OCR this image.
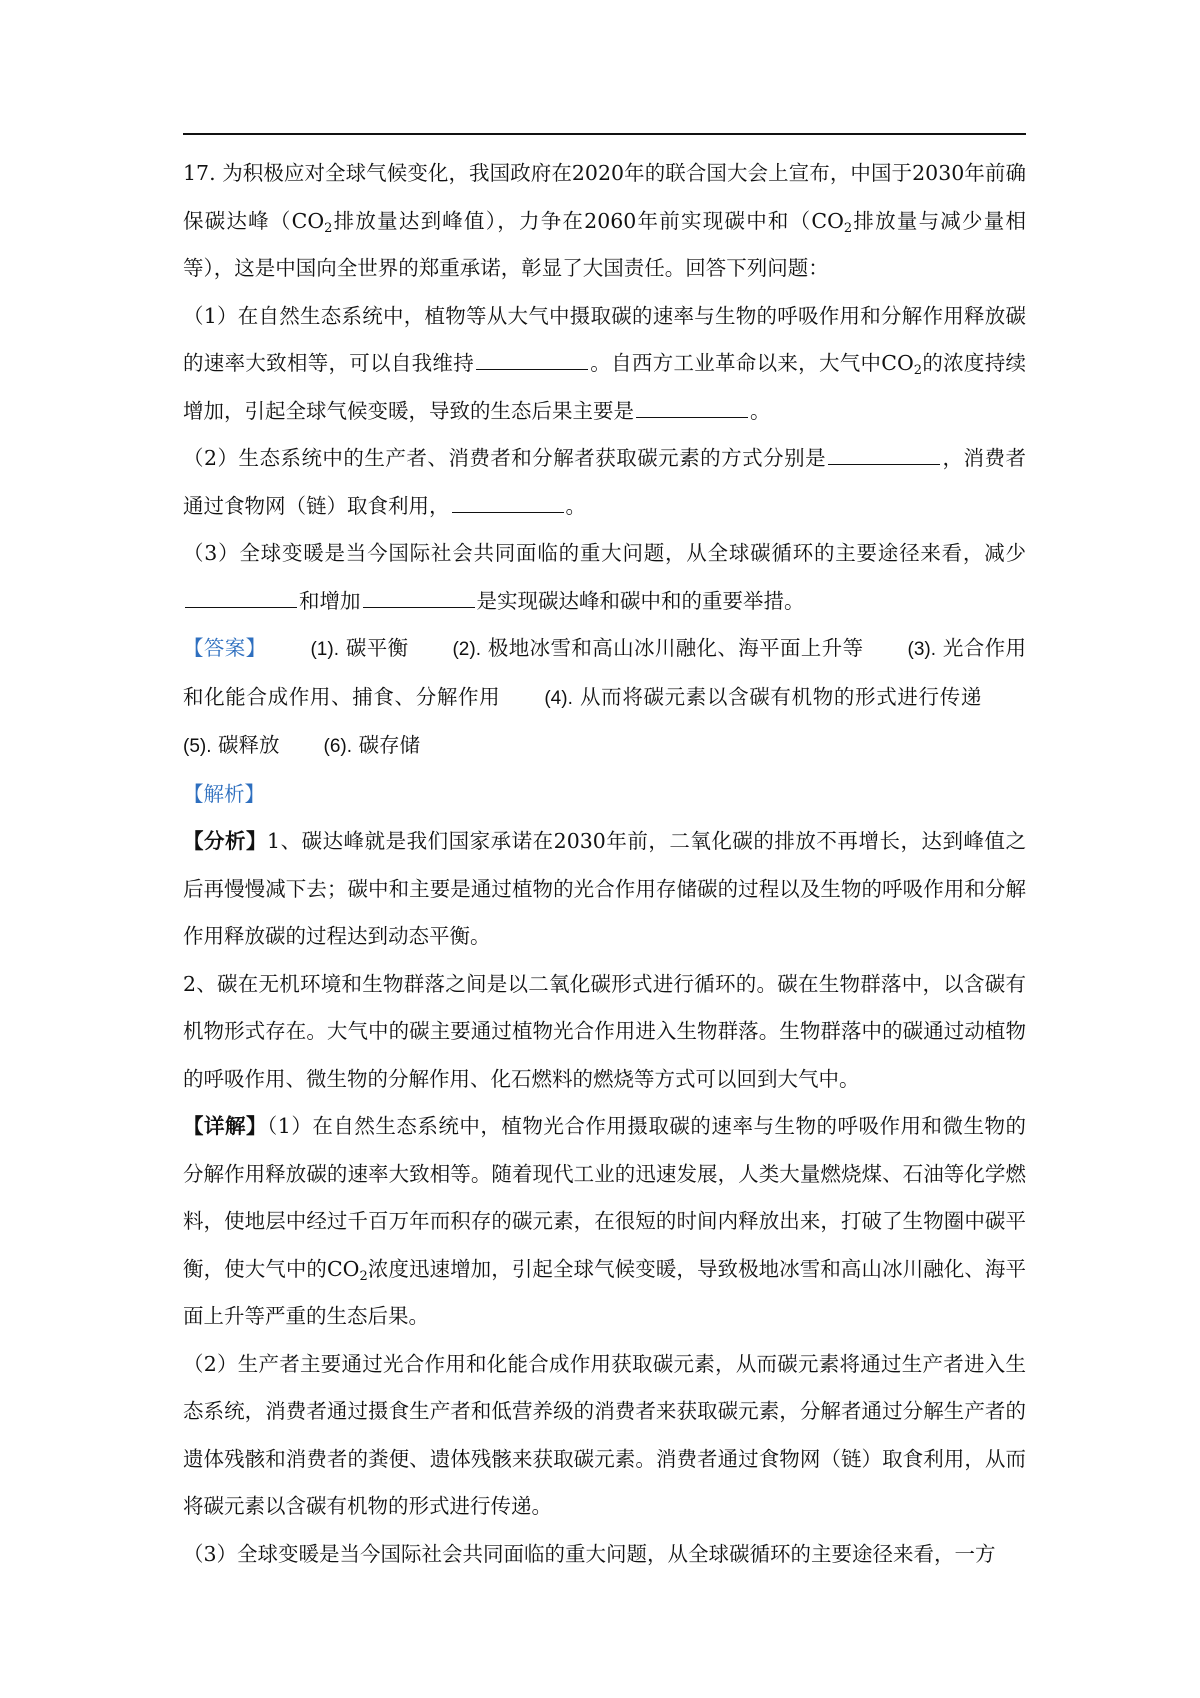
17. 为积极应对全球气候变化，我国政府在2020年的联合国大会上宣布，中国于2030年前确保碳达峰（$CO_2$排放量达到峰值），力争在2060年前实现碳中和（$CO_2$排放量与减少量相等），这是中国向全世界的郑重承诺，彰显了大国责任。回答下列问题：

（1）在自然生态系统中，植物等从大气中摄取碳的速率与生物的呼吸作用和分解作用释放碳的速率大致相等，可以自我维持	。自西方工业革命以来，大气中$CO_2$的浓度持续增加，引起全球气候变暖，导致的生态后果主要是	。

（2）生态系统中的生产者、消费者和分解者获取碳元素的方式分别是	，消费者通过食物网（链）取食利用，	。

（3）全球变暖是当今国际社会共同面临的重大问题，从全球碳循环的主要途径来看，减少和增加	是实现碳达峰和碳中和的重要举措。

【答案】 (1). 碳平衡 (2). 极地冰雪和高山冰川融化、海平面上升等 (3). 光合作用和化能合成作用、捕食、分解作用 (4). 从而将碳元素以含碳有机物的形式进行传递(5). 碳释放 (6). 碳存储

【解析】

【分析】1、碳达峰就是我们国家承诺在2030年前，二氧化碳的排放不再增长，达到峰值之后再慢慢减下去；碳中和主要是通过植物的光合作用存储碳的过程以及生物的呼吸作用和分解作用释放碳的过程达到动态平衡。

2、碳在无机环境和生物群落之间是以二氧化碳形式进行循环的。碳在生物群落中，以含碳有机物形式存在。大气中的碳主要通过植物光合作用进入生物群落。生物群落中的碳通过动植物的呼吸作用、微生物的分解作用、化石燃料的燃烧等方式可以回到大气中。

【详解】（1）在自然生态系统中，植物光合作用摄取碳的速率与生物的呼吸作用和微生物的分解作用释放碳的速率大致相等。随着现代工业的迅速发展，人类大量燃烧煤、石油等化学燃料，使地层中经过千百万年而积存的碳元素，在很短的时间内释放出来，打破了生物圈中碳平衡，使大气中的$CO_2$浓度迅速增加，引起全球气候变暖，导致极地冰雪和高山冰川融化、海平面上升等严重的生态后果。

（2）生产者主要通过光合作用和化能合成作用获取碳元素，从而碳元素将通过生产者进入生态系统，消费者通过摄食生产者和低营养级的消费者来获取碳元素，分解者通过分解生产者的遗体残骸和消费者的粪便、遗体残骸来获取碳元素。消费者通过食物网（链）取食利用，从而将碳元素以含碳有机物的形式进行传递。

（3）全球变暖是当今国际社会共同面临的重大问题，从全球碳循环的主要途径来看，一方
